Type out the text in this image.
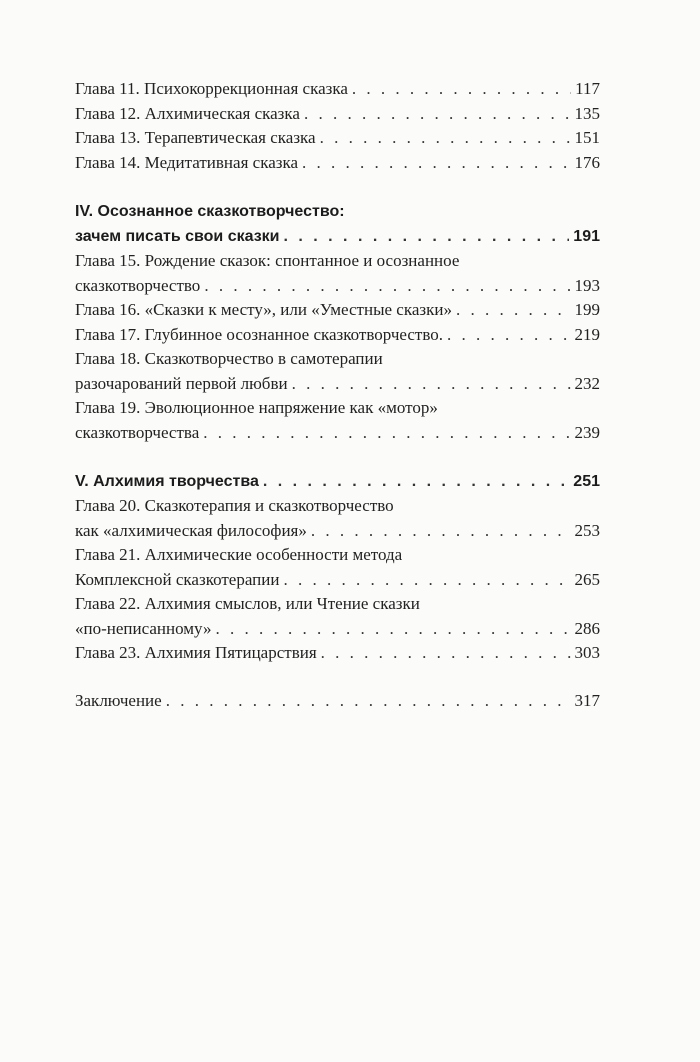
Глава 11. Психокоррекционная сказка . . .	117
Глава 12. Алхимическая сказка . . .	135
Глава 13. Терапевтическая сказка . . .	151
Глава 14. Медитативная сказка . . .	176
IV. Осознанное сказкотворчество:
зачем писать свои сказки . . .	191
Глава 15. Рождение сказок: спонтанное и осознанное
сказкотворчество . . .	193
Глава 16. «Сказки к месту», или «Уместные сказки» . . .	199
Глава 17. Глубинное осознанное сказкотворчество. . . .	219
Глава 18. Сказкотворчество в самотерапии
разочарований первой любви . . .	232
Глава 19. Эволюционное напряжение как «мотор»
сказкотворчества . . .	239
V. Алхимия творчества . . .	251
Глава 20. Сказкотерапия и сказкотворчество
как «алхимическая философия» . . .	253
Глава 21. Алхимические особенности метода
Комплексной сказкотерапии . . .	265
Глава 22. Алхимия смыслов, или Чтение сказки
«по-неписанному» . . .	286
Глава 23. Алхимия Пятицарствия . . .	303
Заключение . . .	317
